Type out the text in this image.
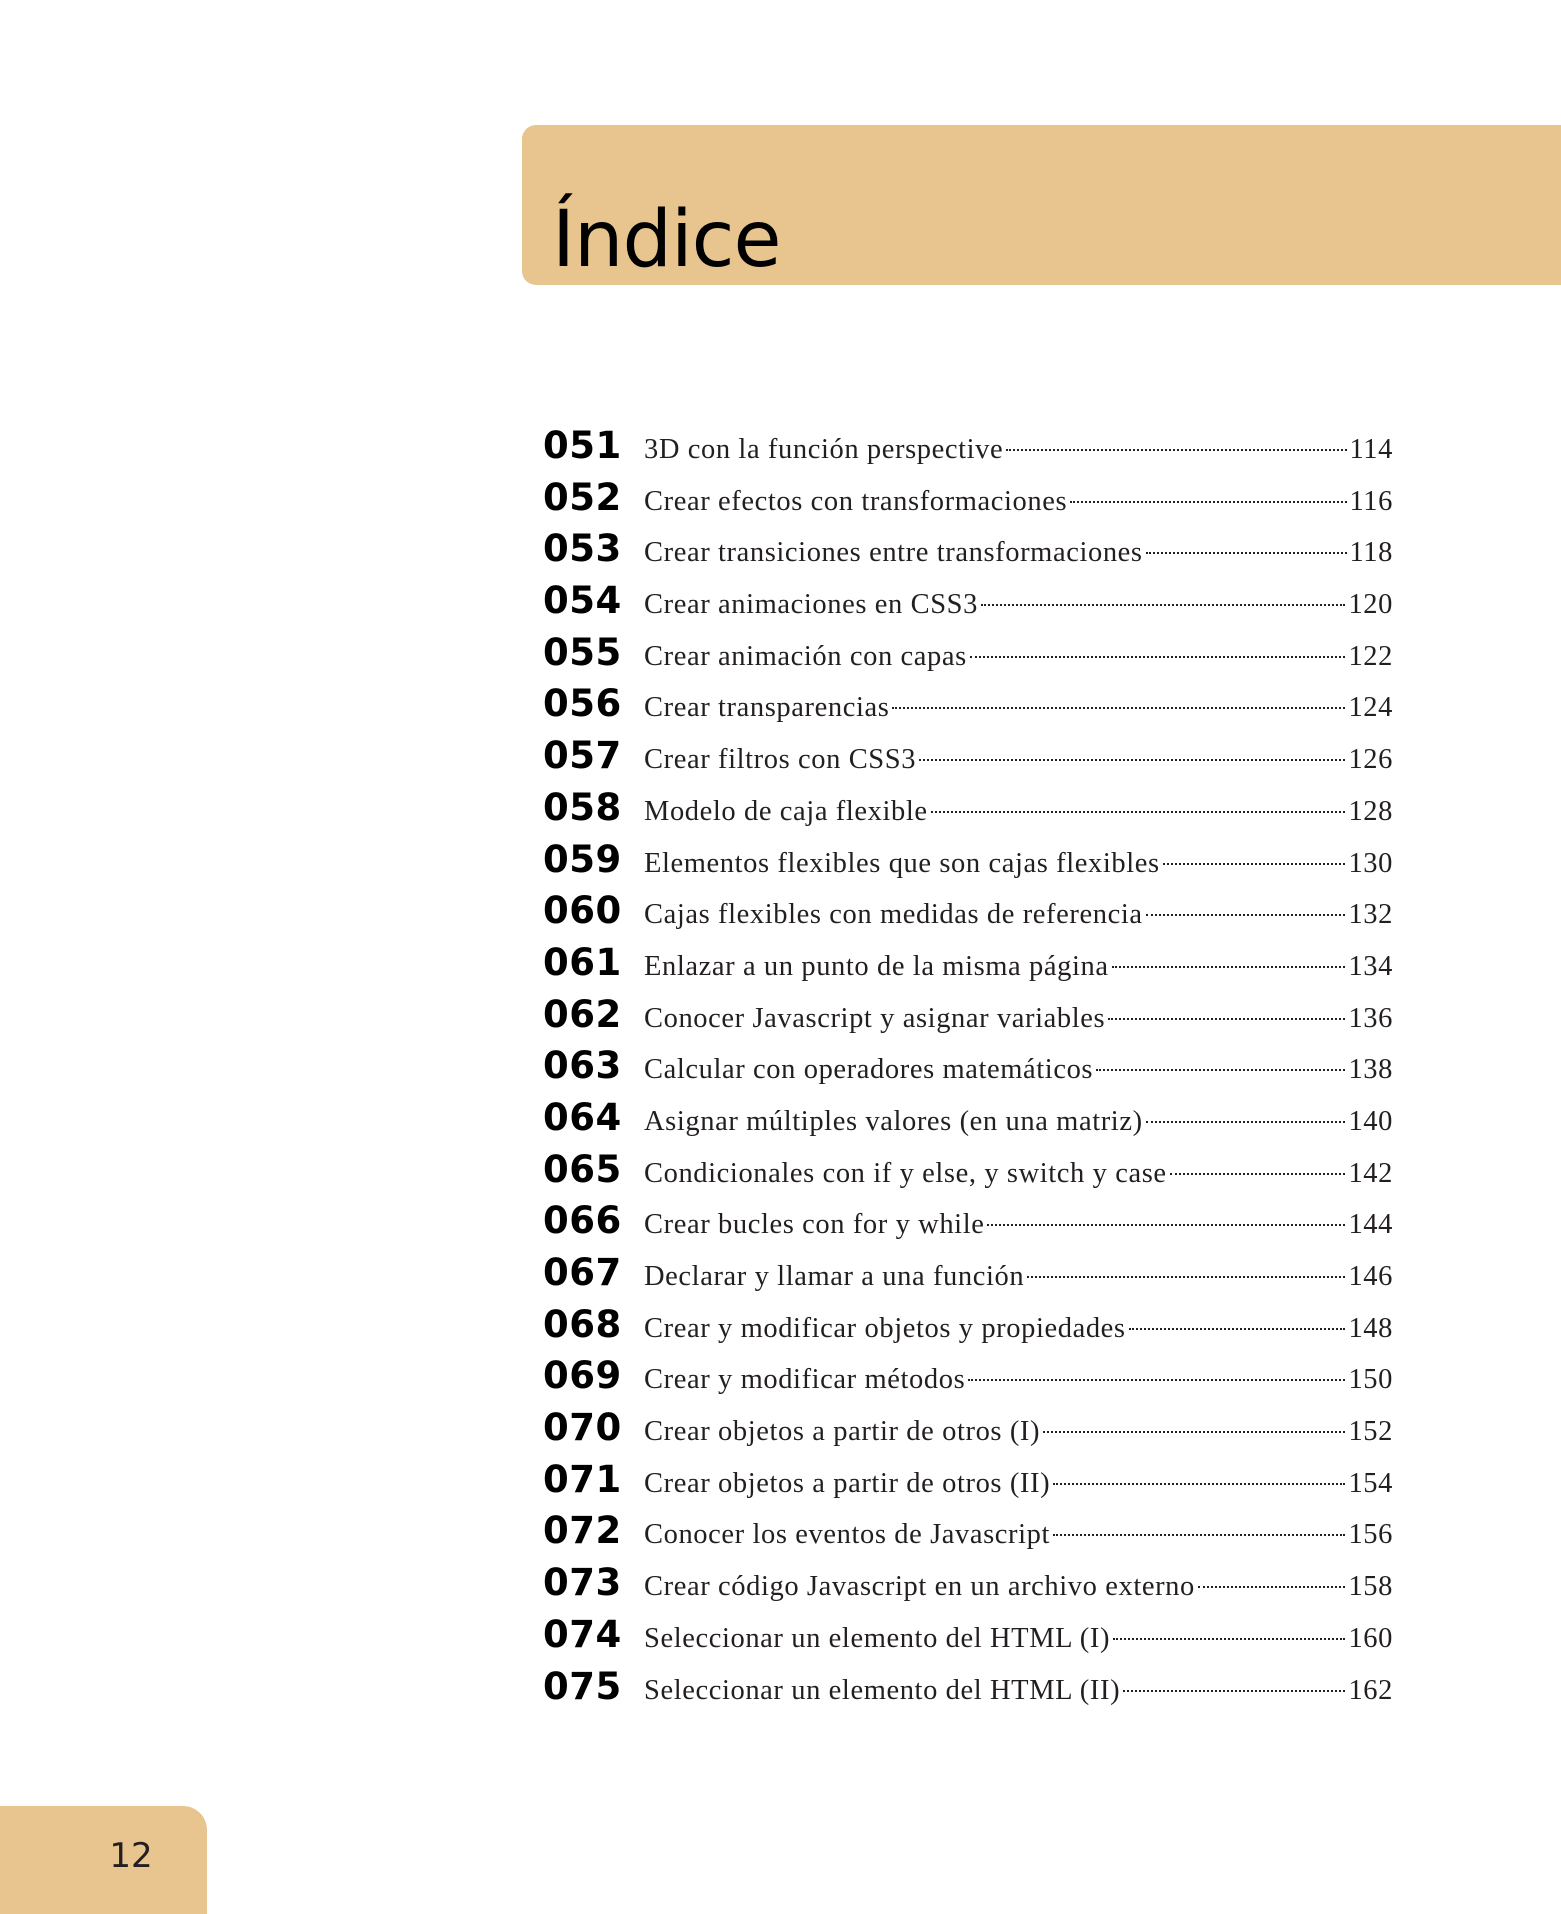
Índice
051 3D con la función perspective	114
052 Crear efectos con transformaciones	116
053 Crear transiciones entre transformaciones	118
054 Crear animaciones en CSS3	120
055 Crear animación con capas	122
056 Crear transparencias	124
057 Crear filtros con CSS3	126
058 Modelo de caja flexible	128
059 Elementos flexibles que son cajas flexibles	130
060 Cajas flexibles con medidas de referencia	132
061 Enlazar a un punto de la misma página	134
062 Conocer Javascript y asignar variables	136
063 Calcular con operadores matemáticos	138
064 Asignar múltiples valores (en una matriz)	140
065 Condicionales con if y else, y switch y case	142
066 Crear bucles con for y while	144
067 Declarar y llamar a una función	146
068 Crear y modificar objetos y propiedades	148
069 Crear y modificar métodos	150
070 Crear objetos a partir de otros (I)	152
071 Crear objetos a partir de otros (II)	154
072 Conocer los eventos de Javascript	156
073 Crear código Javascript en un archivo externo	158
074 Seleccionar un elemento del HTML (I)	160
075 Seleccionar un elemento del HTML (II)	162
12
